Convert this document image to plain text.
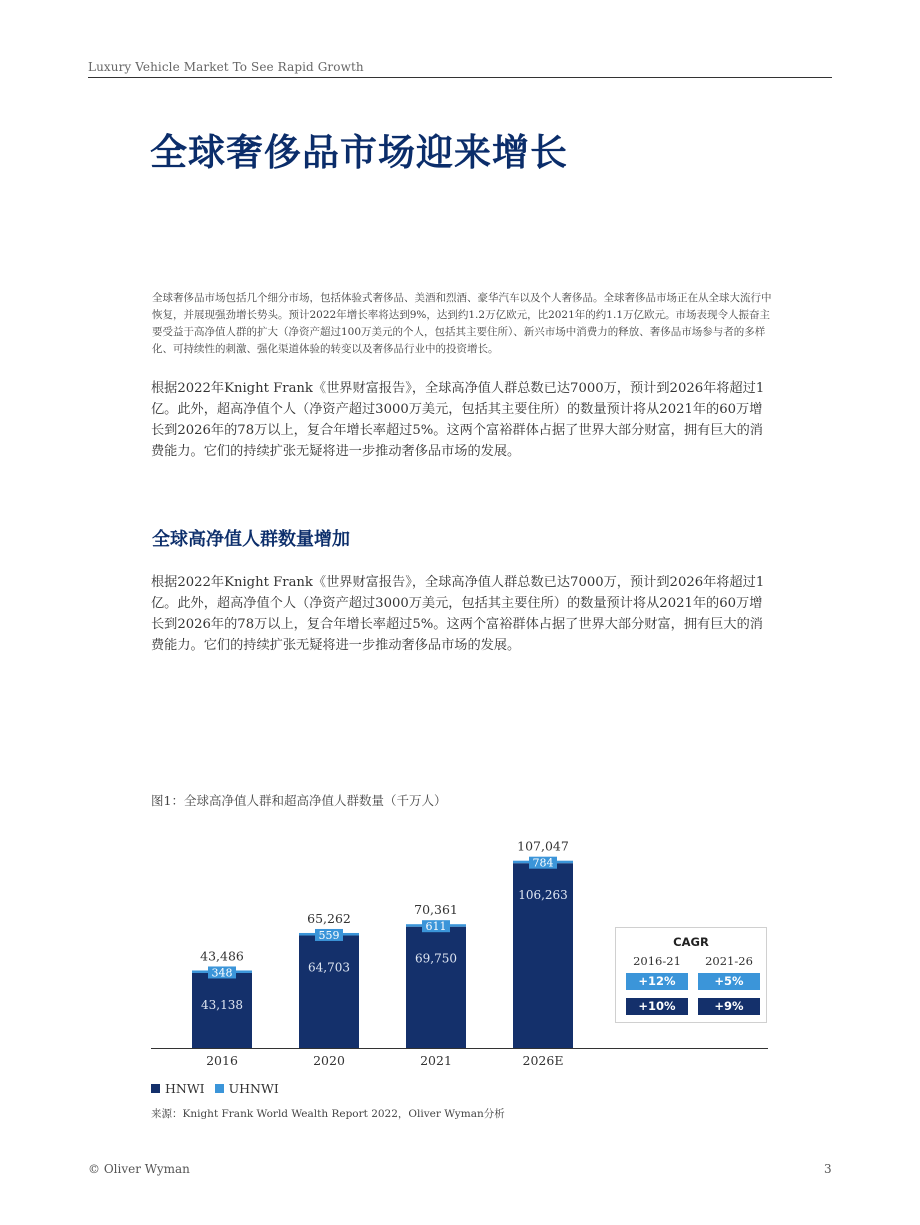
Luxury Vehicle Market To See Rapid Growth
全球奢侈品市场迎来增长

全球奢侈品市场包括几个细分市场，包括体验式奢侈品、美酒和烈酒、豪华汽车以及个人奢侈品。全球奢侈品市场正在从全球大流行中恢复，并展现强劲增长势头。预计2022年增长率将达到9%，达到约1.2万亿欧元，比2021年的约1.1万亿欧元。市场表现令人振奋主要受益于高净值人群的扩大（净资产超过100万美元的个人，包括其主要住所）、新兴市场中消费力的释放、奢侈品市场参与者的多样化、可持续性的刺激、强化渠道体验的转变以及奢侈品行业中的投资增长。

根据2022年Knight Frank《世界财富报告》，全球高净值人群总数已达7000万，预计到2026年将超过1亿。此外，超高净值个人（净资产超过3000万美元，包括其主要住所）的数量预计将从2021年的60万增长到2026年的78万以上，复合年增长率超过5%。这两个富裕群体占据了世界大部分财富，拥有巨大的消费能力。它们的持续扩张无疑将进一步推动奢侈品市场的发展。

全球高净值人群数量增加

根据2022年Knight Frank《世界财富报告》，全球高净值人群总数已达7000万，预计到2026年将超过1亿。此外，超高净值个人（净资产超过3000万美元，包括其主要住所）的数量预计将从2021年的60万增长到2026年的78万以上，复合年增长率超过5%。这两个富裕群体占据了世界大部分财富，拥有巨大的消费能力。它们的持续扩张无疑将进一步推动奢侈品市场的发展。

图1：全球高净值人群和超高净值人群数量（千万人）
348
43,138
43,486
2016
559
64,703
65,262
2020
611
69,750
70,361
2021
784
106,263
107,047
2026E
CAGR
2016-21	2021-26
+12%	+5%
+10%	+9%
HNWI UHNWI
来源：Knight Frank World Wealth Report 2022，Oliver Wyman分析
© Oliver Wyman	3
